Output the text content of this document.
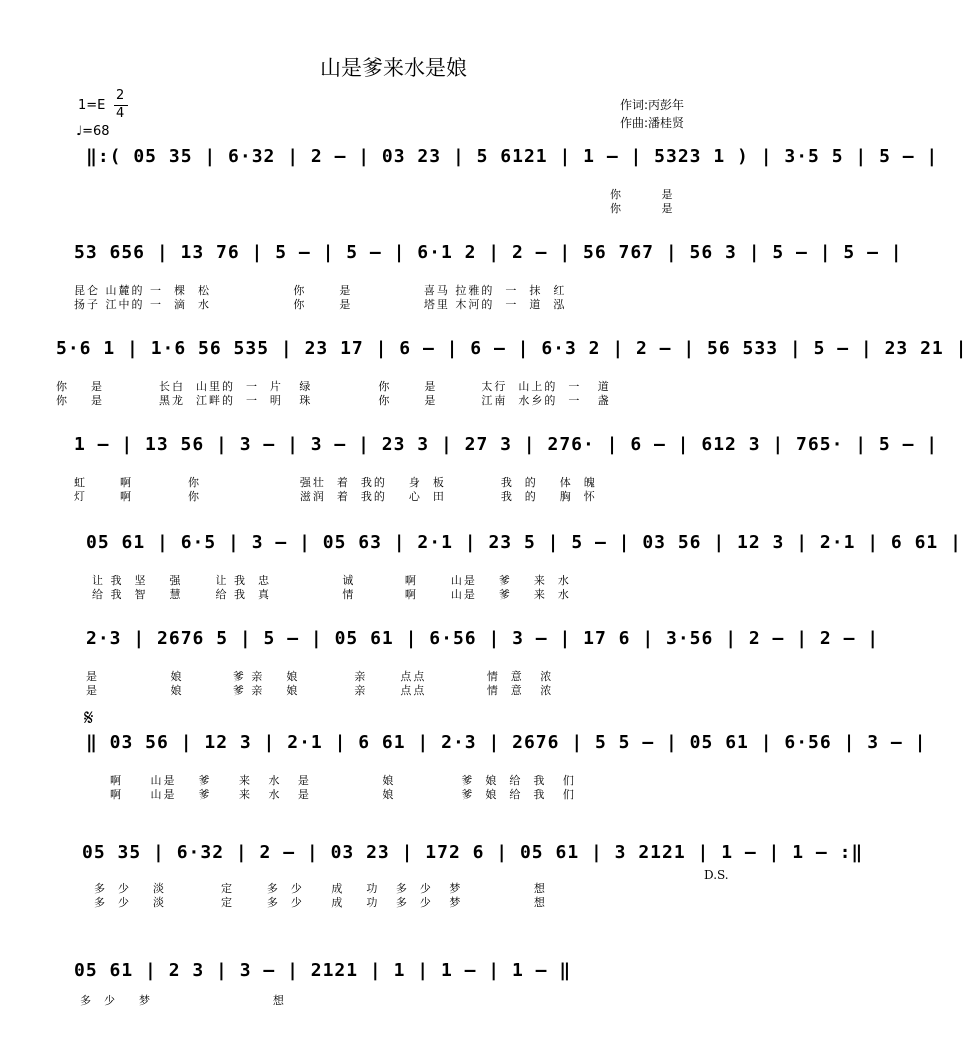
山是爹来水是娘
1=E
2
4
♩=68
作词:丙彭年
作曲:潘桂贤
‖:( 05 35 | 6·32 | 2 – | 03 23 | 5 6121 | 1 – | 5323 1 ) | 3·5 5 | 5 – |
你       是
你       是
53 656 | 13 76 | 5 – | 5 – | 6·1 2 | 2 – | 56 767 | 56 3 | 5 – | 5 – |
昆仑 山麓的 一  棵  松               你      是             喜马 拉雅的  一  抹  红
扬子 江中的 一  滴  水               你      是             塔里 木河的  一  道  泓
5·6 1 | 1·6 56 535 | 23 17 | 6 – | 6 – | 6·3 2 | 2 – | 56 533 | 5 – | 23 21 |
你    是          长白  山里的  一  片   绿            你      是        太行  山上的  一   道
你    是          黑龙  江畔的  一  明   珠            你      是        江南  水乡的  一   盏
1 – | 13 56 | 3 – | 3 – | 23 3 | 27 3 | 276· | 6 – | 612 3 | 765· | 5 – |
虹      啊          你                  强壮  着  我的    身  板          我  的    体  魄
灯      啊          你                  滋润  着  我的    心  田          我  的    胸  怀
05 61 | 6·5 | 3 – | 05 63 | 2·1 | 23 5 | 5 – | 03 56 | 12 3 | 2·1 | 6 61 |
让 我  坚    强      让 我  忠             诚         啊      山是    爹    来  水
给 我  智    慧      给 我  真             情         啊      山是    爹    来  水
2·3 | 2676 5 | 5 – | 05 61 | 6·56 | 3 – | 17 6 | 3·56 | 2 – | 2 – |
是             娘         爹 亲    娘          亲      点点           情  意   浓
是             娘         爹 亲    娘          亲      点点           情  意   浓
𝄋
‖ 03 56 | 12 3 | 2·1 | 6 61 | 2·3 | 2676 | 5 5 – | 05 61 | 6·56 | 3 – |
啊     山是    爹     来   水   是             娘            爹  娘  给  我   们
啊     山是    爹     来   水   是             娘            爹  娘  给  我   们
05 35 | 6·32 | 2 – | 03 23 | 172 6 | 05 61 | 3 2121 | 1 – | 1 – :‖
多  少    淡          定      多  少     成    功   多  少   梦             想
多  少    淡          定      多  少     成    功   多  少   梦             想
D.S.
05 61 | 2 3 | 3 – | 2121 | 1 | 1 – | 1 – ‖
多  少    梦                      想
